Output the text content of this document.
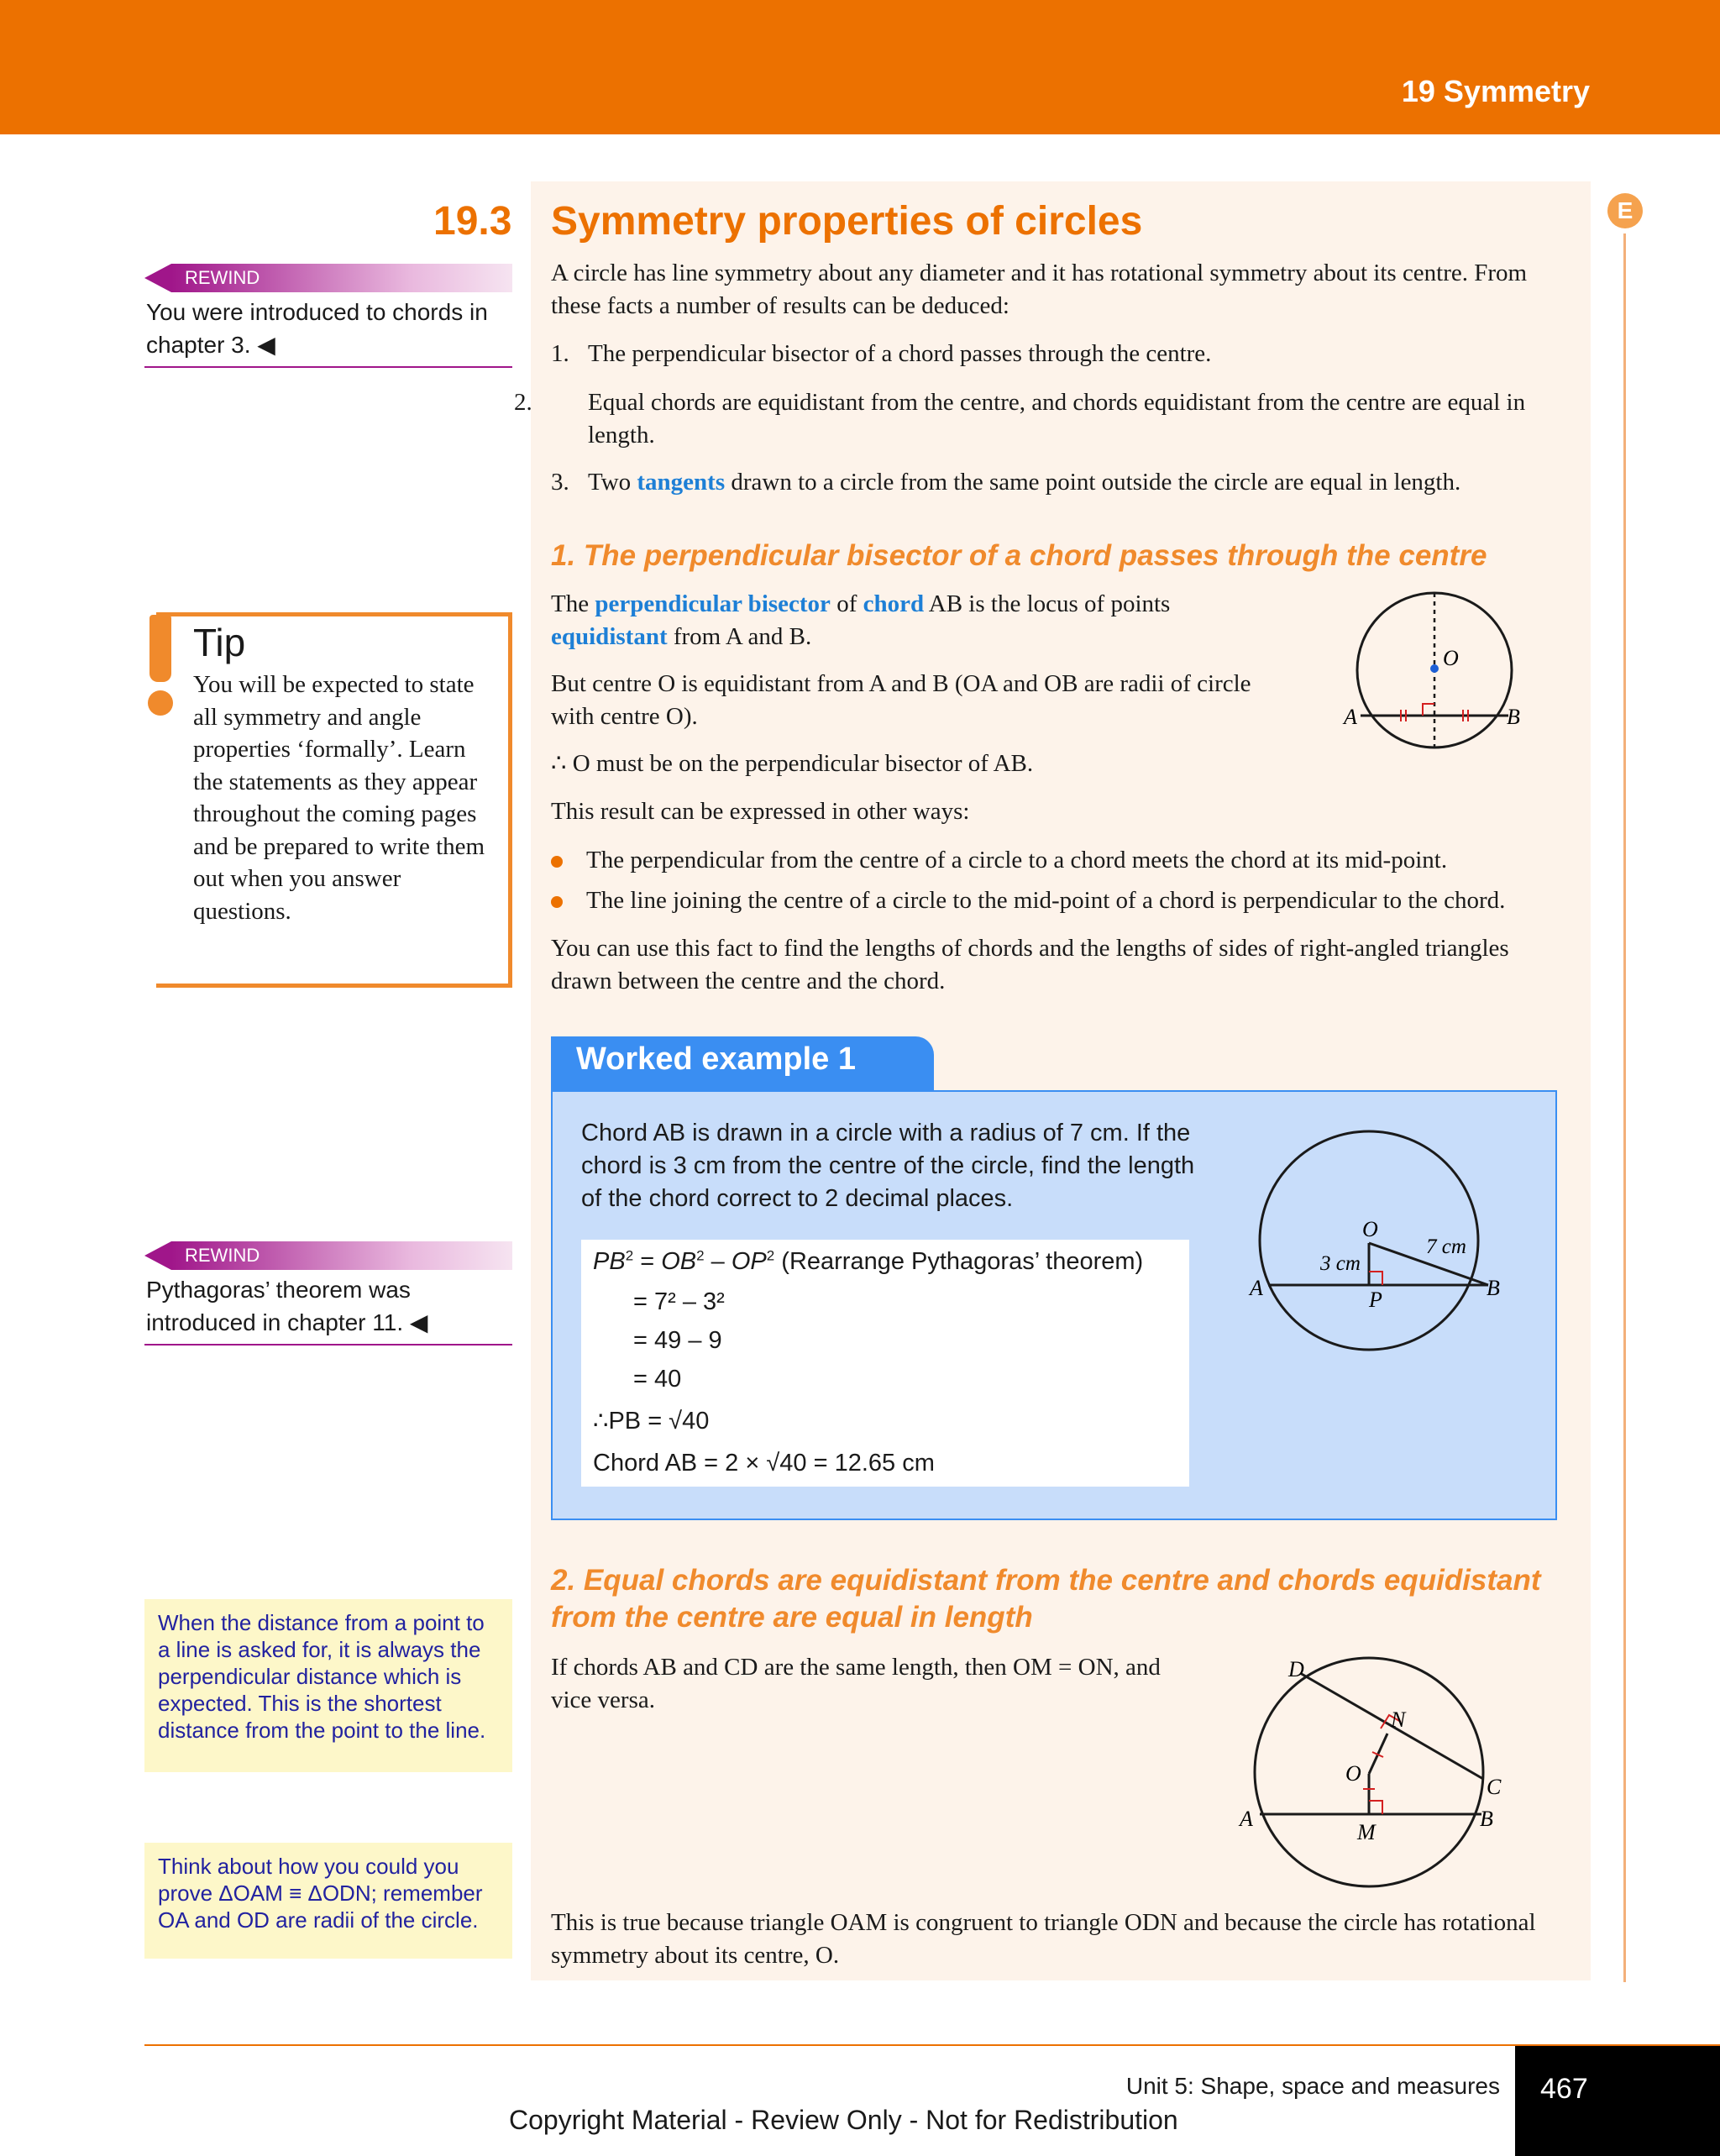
19 Symmetry
E
19.3 Symmetry properties of circles

A circle has line symmetry about any diameter and it has rotational symmetry about its centre. From these facts a number of results can be deduced:

1. The perpendicular bisector of a chord passes through the centre.

2. Equal chords are equidistant from the centre, and chords equidistant from the centre are equal in length.

3. Two tangents drawn to a circle from the same point outside the circle are equal in length.

1. The perpendicular bisector of a chord passes through the centre

The perpendicular bisector of chord AB is the locus of points equidistant from A and B.

But centre O is equidistant from A and B (OA and OB are radii of circle with centre O).

∴ O must be on the perpendicular bisector of AB.

This result can be expressed in other ways:

The perpendicular from the centre of a circle to a chord meets the chord at its mid-point.
The line joining the centre of a circle to the mid-point of a chord is perpendicular to the chord.

You can use this fact to find the lengths of chords and the lengths of sides of right-angled triangles drawn between the centre and the chord.

O
A	B
REWIND
You were introduced to chords in chapter 3. ◀
Tip
You will be expected to state all symmetry and angle properties ‘formally’. Learn the statements as they appear throughout the coming pages and be prepared to write them out when you answer questions.
REWIND
Pythagoras’ theorem was introduced in chapter 11. ◀
When the distance from a point to a line is asked for, it is always the perpendicular distance which is expected. This is the shortest distance from the point to the line.
Think about how you could you prove ΔOAM ≡ ΔODN; remember OA and OD are radii of the circle.
Worked example 1
Chord AB is drawn in a circle with a radius of 7 cm. If the chord is 3 cm from the centre of the circle, find the length of the chord correct to 2 decimal places.
$PB^2 = OB^2 - OP^2$ (Rearrange Pythagoras’ theorem)
= 7² – 3²
= 49 – 9
= 40
∴PB = √40
Chord AB = 2 × √40 = 12.65 cm
O
P
A	B
7 cm
3 cm

2. Equal chords are equidistant from the centre and chords equidistant from the centre are equal in length

If chords AB and CD are the same length, then OM = ON, and vice versa.

D
N
O
C
A
M
B

This is true because triangle OAM is congruent to triangle ODN and because the circle has rotational symmetry about its centre, O.

Unit 5: Shape, space and measures 467
Copyright Material - Review Only - Not for Redistribution
